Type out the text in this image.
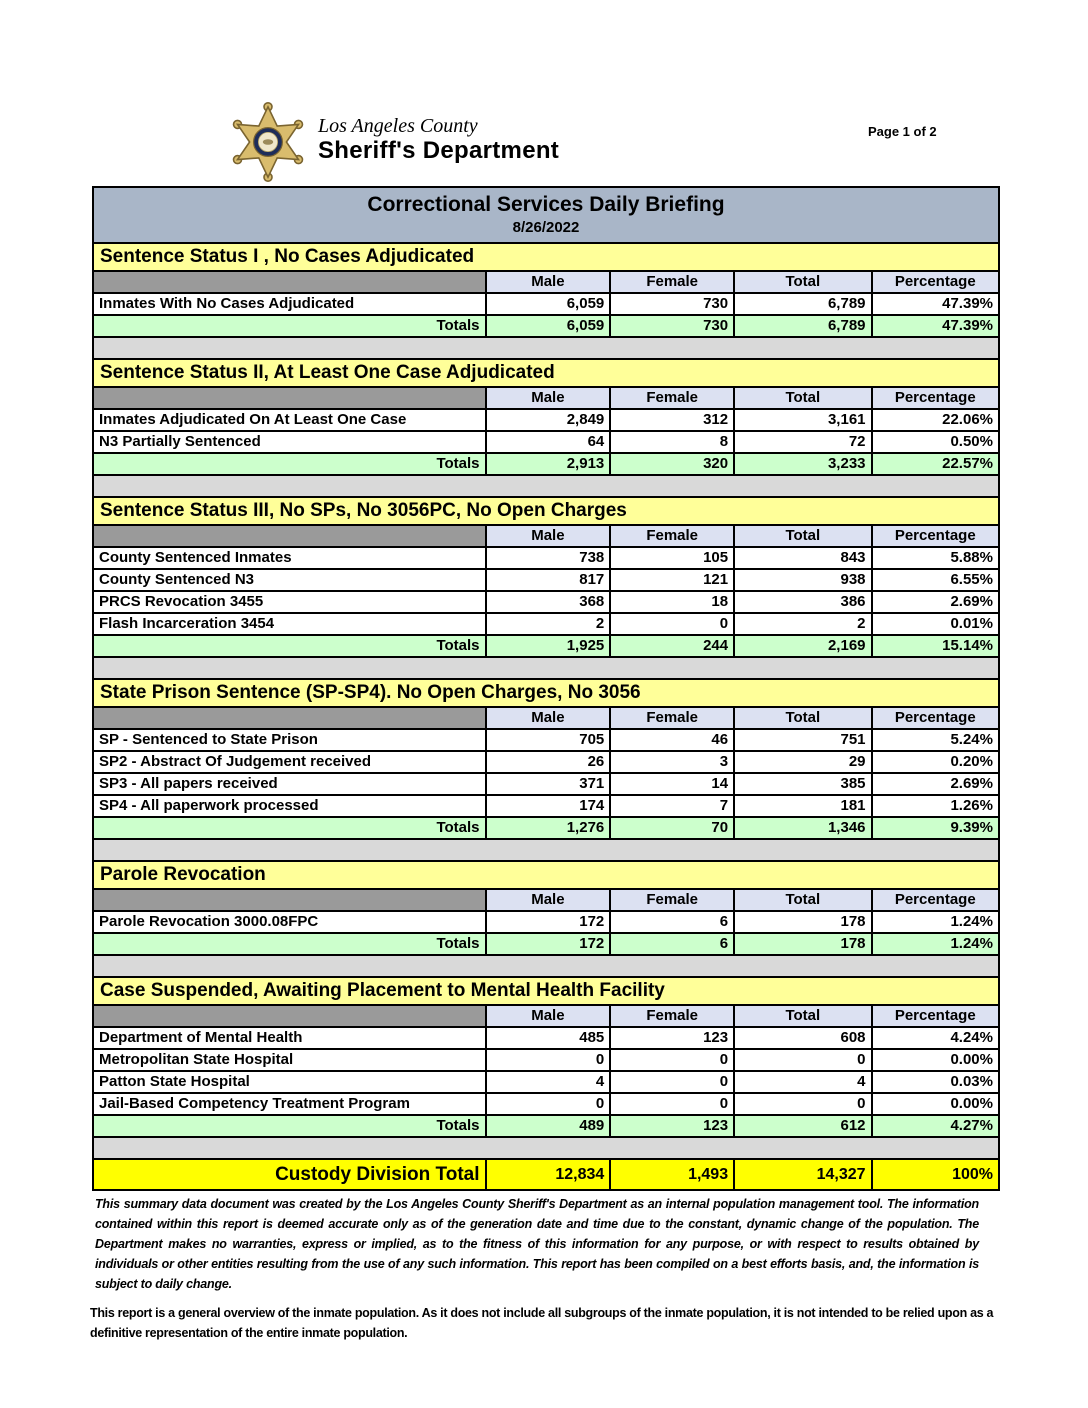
Page 1 of 2
Los Angeles County
Sheriff's Department
Correctional Services Daily Briefing
8/26/2022
Sentence Status I , No Cases Adjudicated
Male	Female	Total	Percentage
Inmates With No Cases Adjudicated	6,059	730	6,789	47.39%
Totals	6,059	730	6,789	47.39%
Sentence Status II, At Least One Case Adjudicated
Male	Female	Total	Percentage
Inmates Adjudicated On At Least One Case	2,849	312	3,161	22.06%
N3 Partially Sentenced	64	8	72	0.50%
Totals	2,913	320	3,233	22.57%
Sentence Status III, No SPs, No 3056PC, No Open Charges
Male	Female	Total	Percentage
County Sentenced Inmates	738	105	843	5.88%
County Sentenced N3	817	121	938	6.55%
PRCS Revocation 3455	368	18	386	2.69%
Flash Incarceration 3454	2	0	2	0.01%
Totals	1,925	244	2,169	15.14%
State Prison Sentence (SP-SP4). No Open Charges, No 3056
Male	Female	Total	Percentage
SP - Sentenced to State Prison	705	46	751	5.24%
SP2 - Abstract Of Judgement received	26	3	29	0.20%
SP3 - All papers received	371	14	385	2.69%
SP4 - All paperwork processed	174	7	181	1.26%
Totals	1,276	70	1,346	9.39%
Parole Revocation
Male	Female	Total	Percentage
Parole Revocation 3000.08FPC	172	6	178	1.24%
Totals	172	6	178	1.24%
Case Suspended, Awaiting Placement to Mental Health Facility
Male	Female	Total	Percentage
Department of Mental Health	485	123	608	4.24%
Metropolitan State Hospital	0	0	0	0.00%
Patton State Hospital	4	0	4	0.03%
Jail-Based Competency Treatment Program	0	0	0	0.00%
Totals	489	123	612	4.27%
Custody Division Total	12,834	1,493	14,327	100%
This summary data document was created by the Los Angeles County Sheriff's Department as an internal population management tool. The information contained within this report is deemed accurate only as of the generation date and time due to the constant, dynamic change of the population. The Department makes no warranties, express or implied, as to the fitness of this information for any purpose, or with respect to results obtained by individuals or other entities resulting from the use of any such information. This report has been compiled on a best efforts basis, and, the information is subject to daily change.
This report is a general overview of the inmate population. As it does not include all subgroups of the inmate population, it is not intended to be relied upon as a definitive representation of the entire inmate population.
